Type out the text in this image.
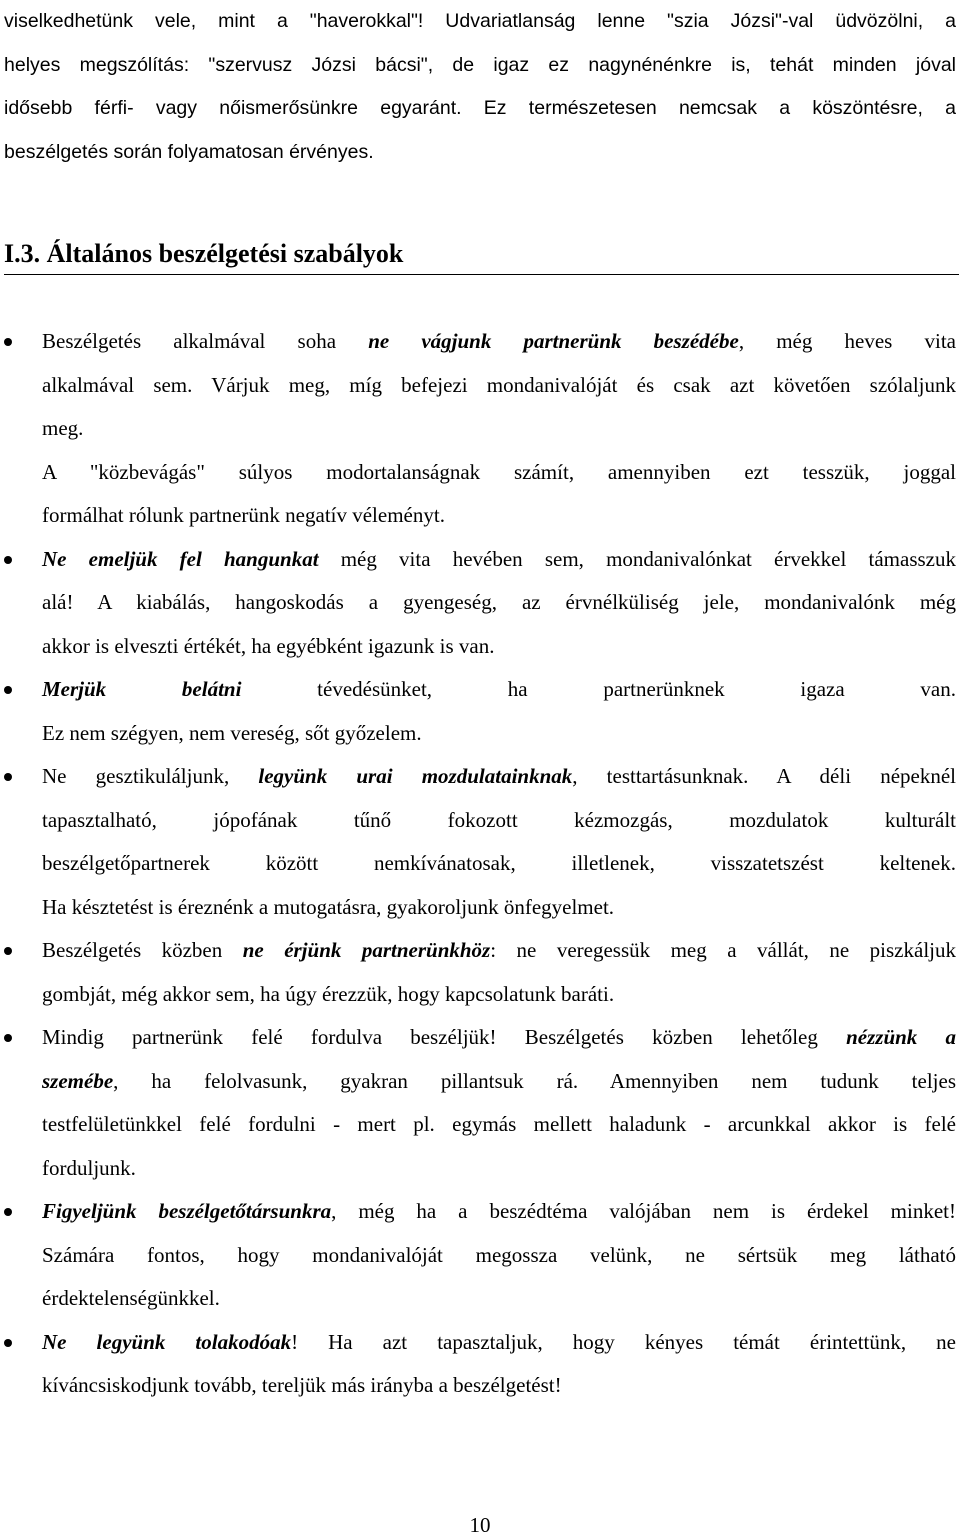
viselkedhetünk vele, mint a "haverokkal"! Udvariatlanság lenne "szia Józsi"-val üdvözölni, a
helyes megszólítás: "szervusz Józsi bácsi", de igaz ez nagynénénkre is, tehát minden jóval
idősebb férfi- vagy nőismerősünkre egyaránt. Ez természetesen nemcsak a köszöntésre, a
beszélgetés során folyamatosan érvényes.

I.3. Általános beszélgetési szabályok
Beszélgetés alkalmával soha ne vágjunk partnerünk beszédébe, még heves vita
alkalmával sem. Várjuk meg, míg befejezi mondanivalóját és csak azt követően szólaljunk
meg.
A "közbevágás" súlyos modortalanságnak számít, amennyiben ezt tesszük, joggal
formálhat rólunk partnerünk negatív véleményt.
Ne emeljük fel hangunkat még vita hevében sem, mondanivalónkat érvekkel támasszuk
alá! A kiabálás, hangoskodás a gyengeség, az érvnélküliség jele, mondanivalónk még
akkor is elveszti értékét, ha egyébként igazunk is van.
Merjük belátni tévedésünket, ha partnerünknek igaza van.
Ez nem szégyen, nem vereség, sőt győzelem.
Ne gesztikuláljunk, legyünk urai mozdulatainknak, testtartásunknak. A déli népeknél
tapasztalható, jópofának tűnő fokozott kézmozgás, mozdulatok kulturált
beszélgetőpartnerek között nemkívánatosak, illetlenek, visszatetszést keltenek.
Ha késztetést is éreznénk a mutogatásra, gyakoroljunk önfegyelmet.
Beszélgetés közben ne érjünk partnerünkhöz: ne veregessük meg a vállát, ne piszkáljuk
gombját, még akkor sem, ha úgy érezzük, hogy kapcsolatunk baráti.
Mindig partnerünk felé fordulva beszéljük! Beszélgetés közben lehetőleg nézzünk a
szemébe, ha felolvasunk, gyakran pillantsuk rá. Amennyiben nem tudunk teljes
testfelületünkkel felé fordulni - mert pl. egymás mellett haladunk - arcunkkal akkor is felé
forduljunk.
Figyeljünk beszélgetőtársunkra, még ha a beszédtéma valójában nem is érdekel minket!
Számára fontos, hogy mondanivalóját megossza velünk, ne sértsük meg látható
érdektelenségünkkel.
Ne legyünk tolakodóak! Ha azt tapasztaljuk, hogy kényes témát érintettünk, ne
kíváncsiskodjunk tovább, tereljük más irányba a beszélgetést!
10
